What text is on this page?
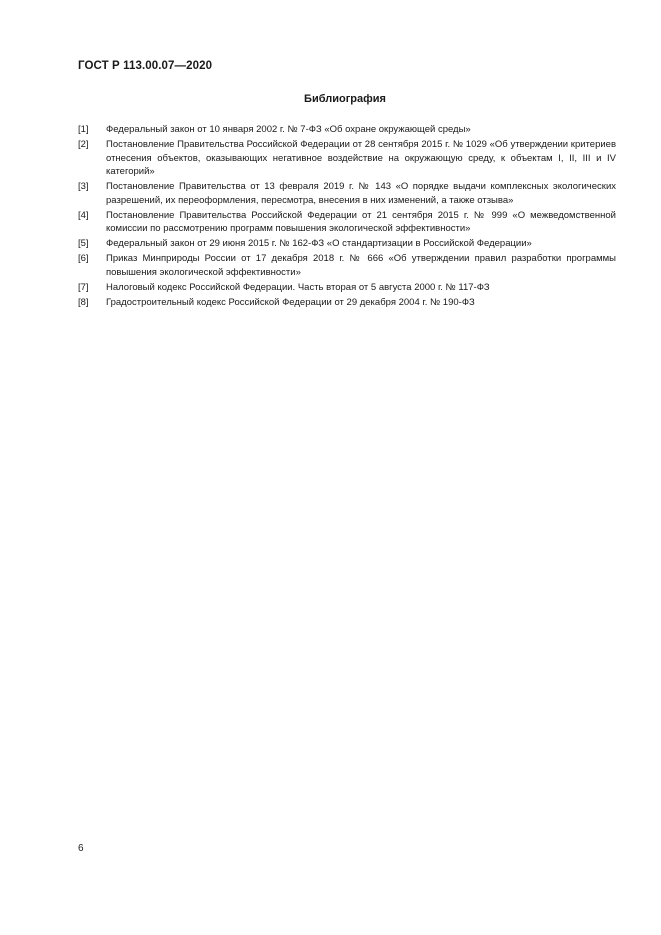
ГОСТ Р 113.00.07—2020
Библиография
[1]	Федеральный закон от 10 января 2002 г. № 7-ФЗ «Об охране окружающей среды»
[2]	Постановление Правительства Российской Федерации от 28 сентября 2015 г. № 1029 «Об утверждении критериев отнесения объектов, оказывающих негативное воздействие на окружающую среду, к объектам I, II, III и IV категорий»
[3]	Постановление Правительства от 13 февраля 2019 г. № 143 «О порядке выдачи комплексных экологических разрешений, их переоформления, пересмотра, внесения в них изменений, а также отзыва»
[4]	Постановление Правительства Российской Федерации от 21 сентября 2015 г. № 999 «О межведомственной комиссии по рассмотрению программ повышения экологической эффективности»
[5]	Федеральный закон от 29 июня 2015 г. № 162-ФЗ «О стандартизации в Российской Федерации»
[6]	Приказ Минприроды России от 17 декабря 2018 г. № 666 «Об утверждении правил разработки программы повышения экологической эффективности»
[7]	Налоговый кодекс Российской Федерации. Часть вторая от 5 августа 2000 г. № 117-ФЗ
[8]	Градостроительный кодекс Российской Федерации от 29 декабря 2004 г. № 190-ФЗ
6
